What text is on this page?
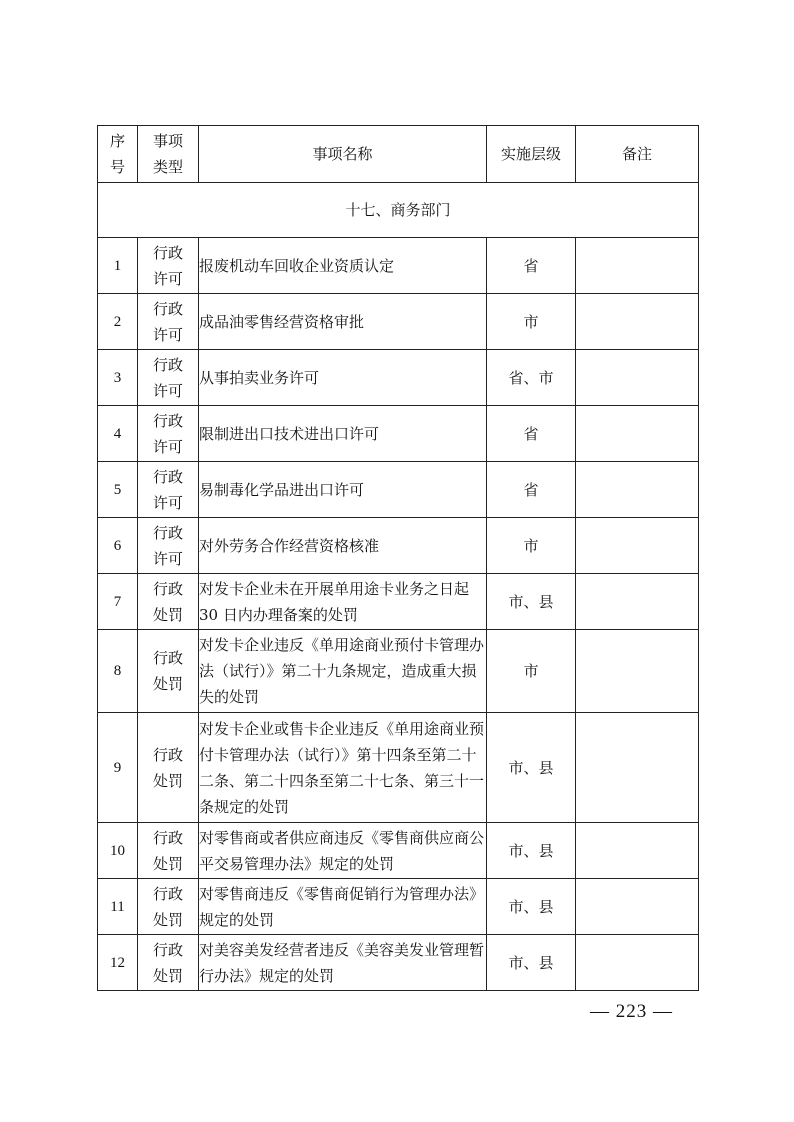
序号	事项类型	事项名称	实施层级	备注
十七、商务部门				
1	行政许可	报废机动车回收企业资质认定	省	
2	行政许可	成品油零售经营资格审批	市	
3	行政许可	从事拍卖业务许可	省、市	
4	行政许可	限制进出口技术进出口许可	省	
5	行政许可	易制毒化学品进出口许可	省	
6	行政许可	对外劳务合作经营资格核准	市	
7	行政处罚	对发卡企业未在开展单用途卡业务之日起 30 日内办理备案的处罚	市、县	
8	行政处罚	对发卡企业违反《单用途商业预付卡管理办法（试行）》第二十九条规定，造成重大损失的处罚	市	
9	行政处罚	对发卡企业或售卡企业违反《单用途商业预付卡管理办法（试行）》第十四条至第二十二条、第二十四条至第二十七条、第三十一条规定的处罚	市、县	
10	行政处罚	对零售商或者供应商违反《零售商供应商公平交易管理办法》规定的处罚	市、县	
11	行政处罚	对零售商违反《零售商促销行为管理办法》规定的处罚	市、县	
12	行政处罚	对美容美发经营者违反《美容美发业管理暂行办法》规定的处罚	市、县	
— 223 —
